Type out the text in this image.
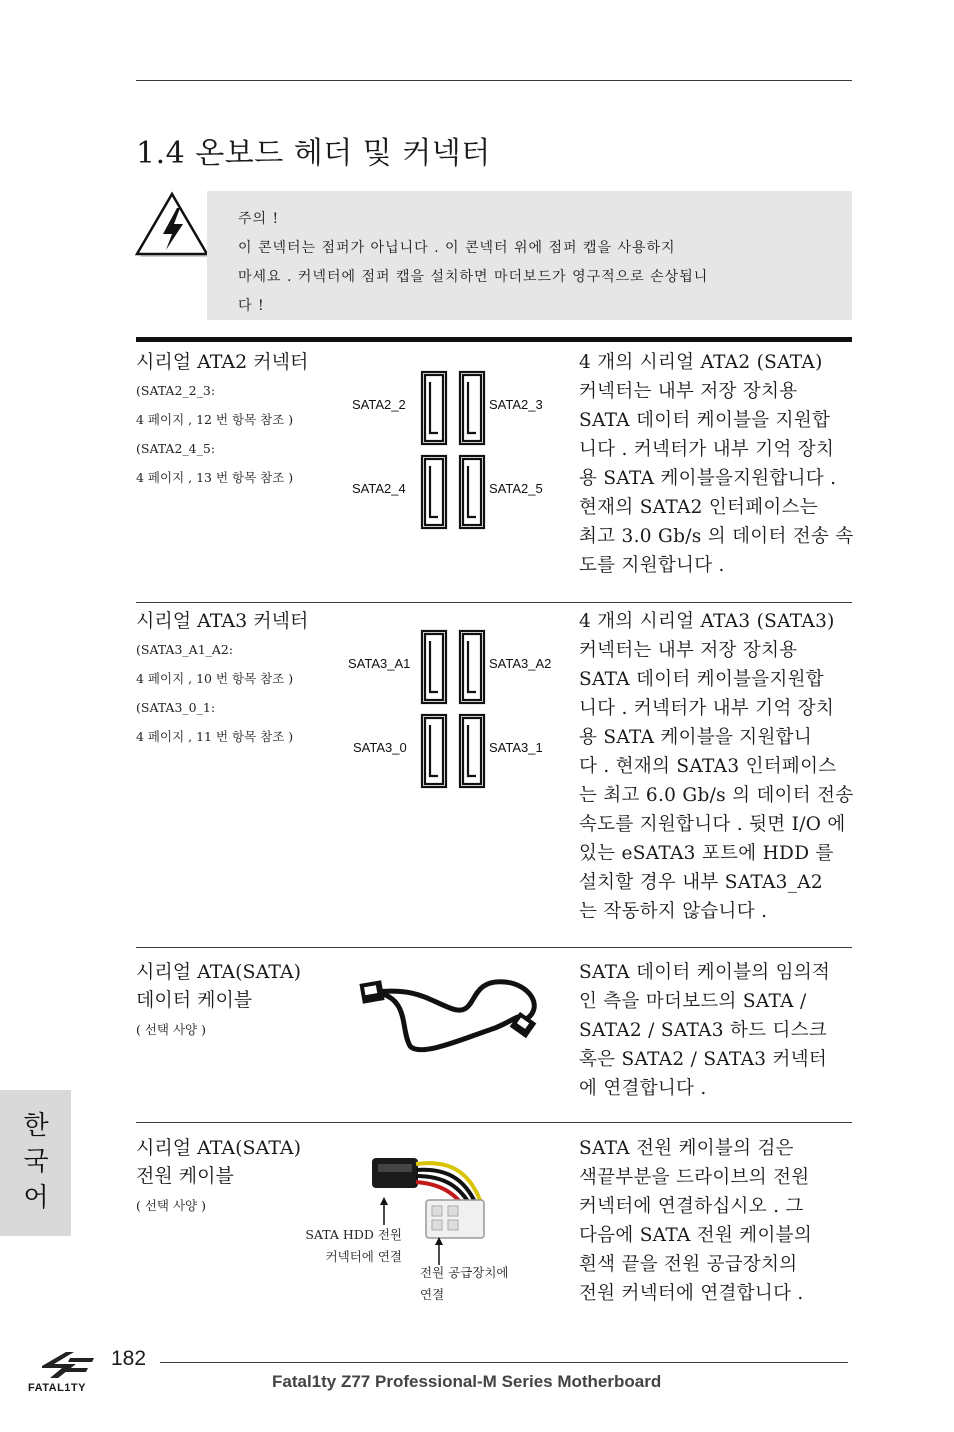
1.4 온보드 헤더 및 커넥터
주의 !
이 콘넥터는 점퍼가 아닙니다 . 이 콘넥터 위에 점퍼 캡을 사용하지
마세요 . 커넥터에 점퍼 캡을 설치하면 마더보드가 영구적으로 손상됩니
다 !
시리얼 ATA2 커넥터
(SATA2_2_3:
4 페이지 , 12 번 항목 참조 )
(SATA2_4_5:
4 페이지 , 13 번 항목 참조 )
SATA2_2	SATA2_3
SATA2_4	SATA2_5
4 개의 시리얼 ATA2 (SATA)
커넥터는 내부 저장 장치용
SATA 데이터 케이블을 지원합
니다 . 커넥터가 내부 기억 장치
용 SATA 케이블을지원합니다 .
현재의 SATA2 인터페이스는
최고 3.0 Gb/s 의 데이터 전송 속
도를 지원합니다 .
시리얼 ATA3 커넥터
(SATA3_A1_A2:
4 페이지 , 10 번 항목 참조 )
(SATA3_0_1:
4 페이지 , 11 번 항목 참조 )
SATA3_A1	SATA3_A2
SATA3_0	SATA3_1
4 개의 시리얼 ATA3 (SATA3)
커넥터는 내부 저장 장치용
SATA 데이터 케이블을지원합
니다 . 커넥터가 내부 기억 장치
용 SATA 케이블을 지원합니
다 . 현재의 SATA3 인터페이스
는 최고 6.0 Gb/s 의 데이터 전송
속도를 지원합니다 . 뒷면 I/O 에
있는 eSATA3 포트에 HDD 를
설치할 경우 내부 SATA3_A2
는 작동하지 않습니다 .
시리얼 ATA(SATA)
데이터 케이블
( 선택 사양 )
SATA 데이터 케이블의 임의적
인 측을 마더보드의 SATA /
SATA2 / SATA3 하드 디스크
혹은 SATA2 / SATA3 커넥터
에 연결합니다 .
시리얼 ATA(SATA)
전원 케이블
( 선택 사양 )
SATA HDD 전원
커넥터에 연결
전원 공급장치에
연결
SATA 전원 케이블의 검은
색끝부분을 드라이브의 전원
커넥터에 연결하십시오 . 그
다음에 SATA 전원 케이블의
흰색 끝을 전원 공급장치의
전원 커넥터에 연결합니다 .
한
국
어
FATAL1TY
182
Fatal1ty Z77 Professional-M Series Motherboard
